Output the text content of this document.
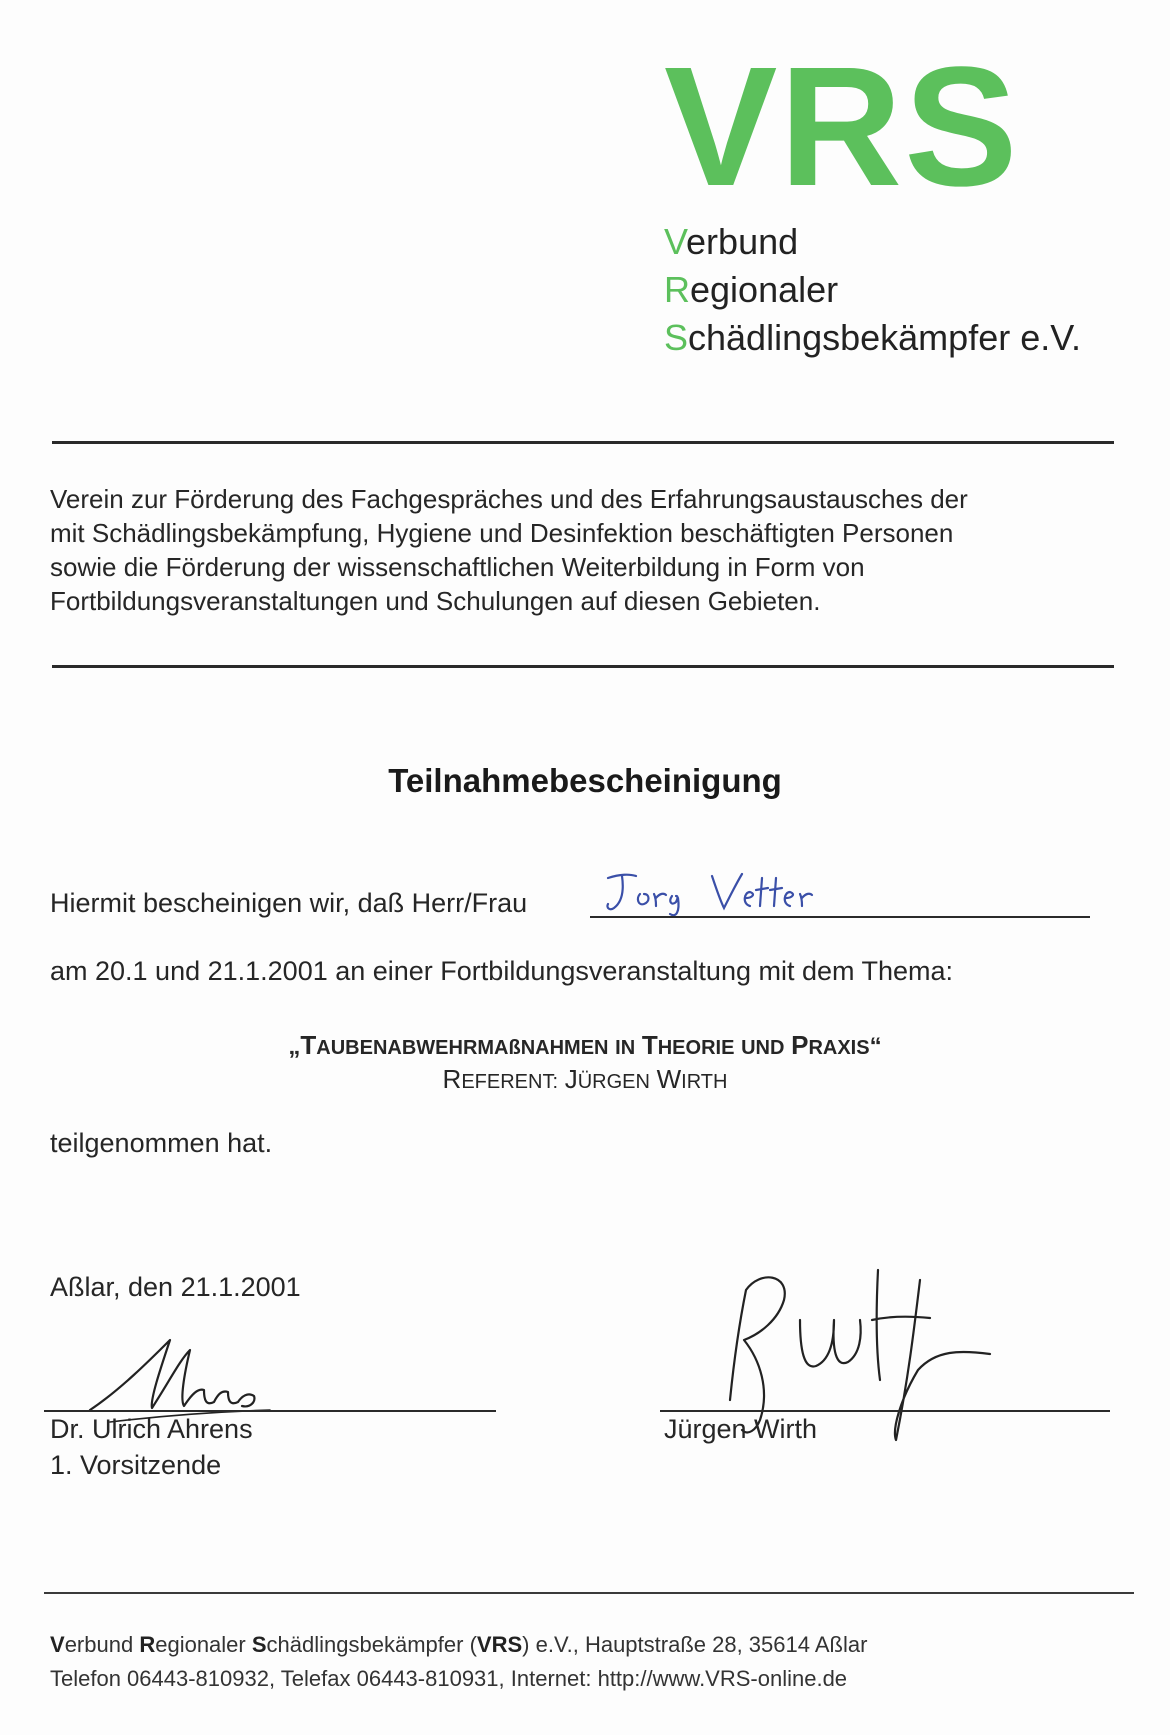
VRS
Verbund
Regionaler
Schädlingsbekämpfer e.V.
Verein zur Förderung des Fachgespräches und des Erfahrungsaustausches der
mit Schädlingsbekämpfung, Hygiene und Desinfektion beschäftigten Personen
sowie die Förderung der wissenschaftlichen Weiterbildung in Form von
Fortbildungsveranstaltungen und Schulungen auf diesen Gebieten.
Teilnahmebescheinigung
Hiermit bescheinigen wir, daß Herr/Frau
am 20.1 und 21.1.2001 an einer Fortbildungsveranstaltung mit dem Thema:
„TAUBENABWEHRMAßNAHMEN IN THEORIE UND PRAXIS“
REFERENT: JÜRGEN WIRTH
teilgenommen hat.
Aßlar, den 21.1.2001
Dr. Ulrich Ahrens
1. Vorsitzende
Jürgen Wirth
Verbund Regionaler Schädlingsbekämpfer (VRS) e.V., Hauptstraße 28, 35614 Aßlar
Telefon 06443-810932, Telefax 06443-810931, Internet: http://www.VRS-online.de
